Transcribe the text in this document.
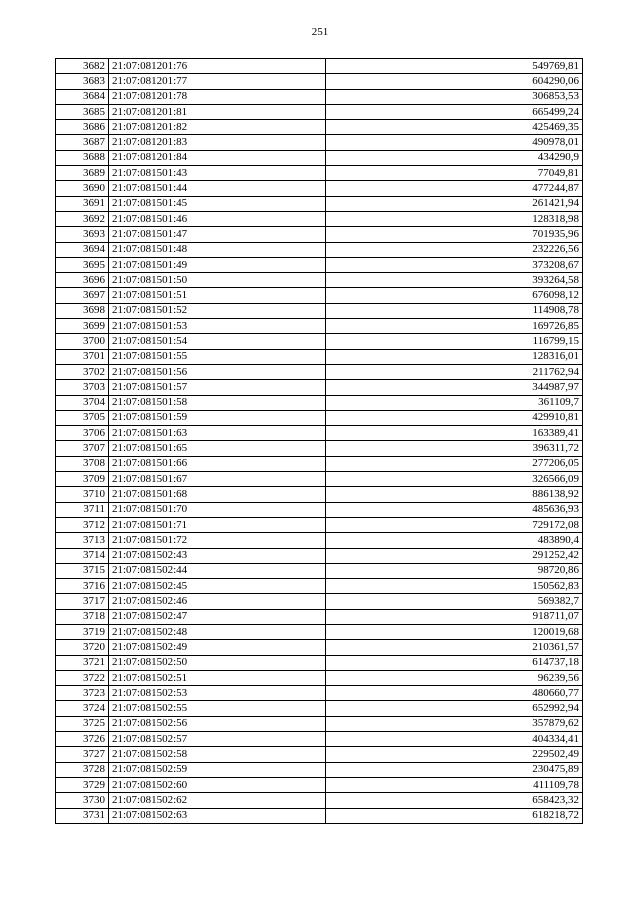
251
3682	21:07:081201:76	549769,81
3683	21:07:081201:77	604290,06
3684	21:07:081201:78	306853,53
3685	21:07:081201:81	665499,24
3686	21:07:081201:82	425469,35
3687	21:07:081201:83	490978,01
3688	21:07:081201:84	434290,9
3689	21:07:081501:43	77049,81
3690	21:07:081501:44	477244,87
3691	21:07:081501:45	261421,94
3692	21:07:081501:46	128318,98
3693	21:07:081501:47	701935,96
3694	21:07:081501:48	232226,56
3695	21:07:081501:49	373208,67
3696	21:07:081501:50	393264,58
3697	21:07:081501:51	676098,12
3698	21:07:081501:52	114908,78
3699	21:07:081501:53	169726,85
3700	21:07:081501:54	116799,15
3701	21:07:081501:55	128316,01
3702	21:07:081501:56	211762,94
3703	21:07:081501:57	344987,97
3704	21:07:081501:58	361109,7
3705	21:07:081501:59	429910,81
3706	21:07:081501:63	163389,41
3707	21:07:081501:65	396311,72
3708	21:07:081501:66	277206,05
3709	21:07:081501:67	326566,09
3710	21:07:081501:68	886138,92
3711	21:07:081501:70	485636,93
3712	21:07:081501:71	729172,08
3713	21:07:081501:72	483890,4
3714	21:07:081502:43	291252,42
3715	21:07:081502:44	98720,86
3716	21:07:081502:45	150562,83
3717	21:07:081502:46	569382,7
3718	21:07:081502:47	918711,07
3719	21:07:081502:48	120019,68
3720	21:07:081502:49	210361,57
3721	21:07:081502:50	614737,18
3722	21:07:081502:51	96239,56
3723	21:07:081502:53	480660,77
3724	21:07:081502:55	652992,94
3725	21:07:081502:56	357879,62
3726	21:07:081502:57	404334,41
3727	21:07:081502:58	229502,49
3728	21:07:081502:59	230475,89
3729	21:07:081502:60	411109,78
3730	21:07:081502:62	658423,32
3731	21:07:081502:63	618218,72
